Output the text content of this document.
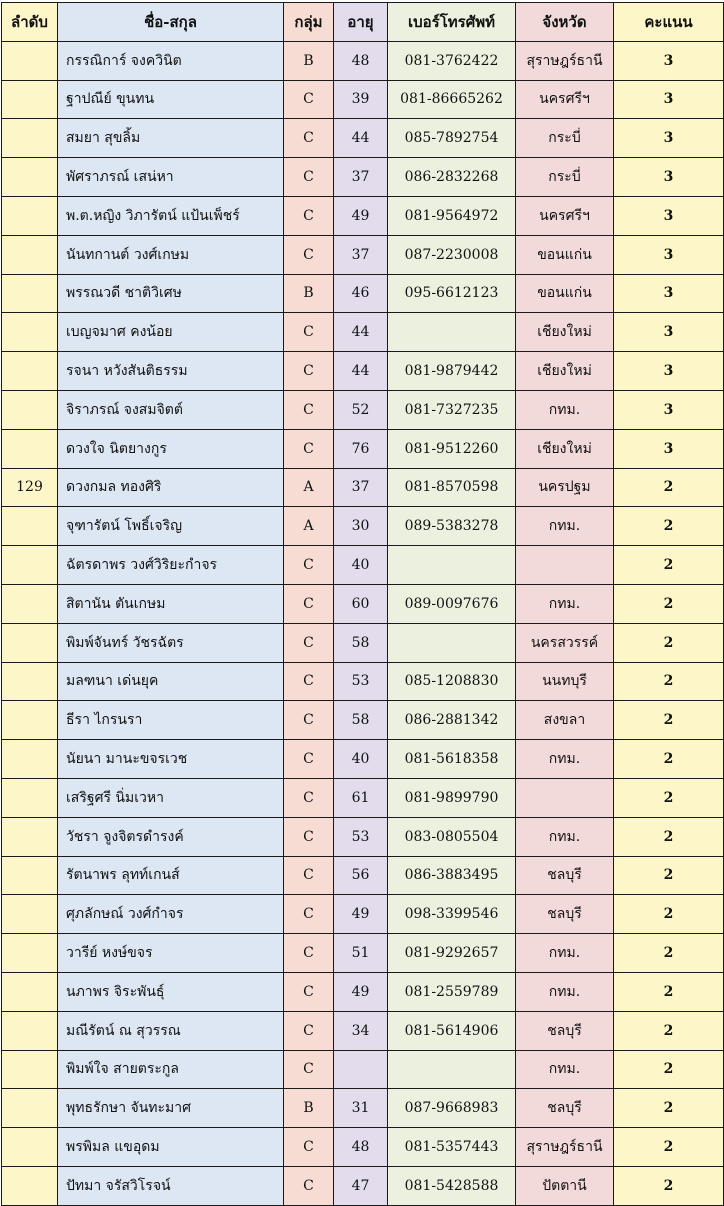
ลำดับ	ชื่อ-สกุล	กลุ่ม	อายุ	เบอร์โทรศัพท์	จังหวัด	คะแนน
	กรรณิการ์ จงควินิต	B	48	081-3762422	สุราษฎร์ธานี	3
	ฐาปณีย์ ขุนทน	C	39	081-86665262	นครศรีฯ	3
	สมยา สุขลิ้ม	C	44	085-7892754	กระบี่	3
	พัศราภรณ์ เสน่หา	C	37	086-2832268	กระบี่	3
	พ.ต.หญิง วิภารัตน์ แป้นเพ็ชร์	C	49	081-9564972	นครศรีฯ	3
	นันทกานต์ วงศ์เกษม	C	37	087-2230008	ขอนแก่น	3
	พรรณวดี ชาติวิเศษ	B	46	095-6612123	ขอนแก่น	3
	เบญจมาศ คงน้อย	C	44		เชียงใหม่	3
	รจนา หวังสันติธรรม	C	44	081-9879442	เชียงใหม่	3
	จิราภรณ์ จงสมจิตต์	C	52	081-7327235	กทม.	3
	ดวงใจ นิตยางกูร	C	76	081-9512260	เชียงใหม่	3
129	ดวงกมล ทองศิริ	A	37	081-8570598	นครปฐม	2
	จุฑารัตน์ โพธิ์เจริญ	A	30	089-5383278	กทม.	2
	ฉัตรดาพร วงศ์วิริยะกำจร	C	40			2
	สิตานัน ตันเกษม	C	60	089-0097676	กทม.	2
	พิมพ์จันทร์ วัชรฉัตร	C	58		นครสวรรค์	2
	มลฑนา เด่นยุค	C	53	085-1208830	นนทบุรี	2
	ธีรา ไกรนรา	C	58	086-2881342	สงขลา	2
	นัยนา มานะขจรเวช	C	40	081-5618358	กทม.	2
	เสริฐศรี นิ่มเวหา	C	61	081-9899790		2
	วัชรา จูงจิตรดำรงค์	C	53	083-0805504	กทม.	2
	รัตนาพร ลุทท์เกนส์	C	56	086-3883495	ชลบุรี	2
	ศุภลักษณ์ วงศ์กำจร	C	49	098-3399546	ชลบุรี	2
	วารีย์ หงษ์ขจร	C	51	081-9292657	กทม.	2
	นภาพร จิระพันธุ์	C	49	081-2559789	กทม.	2
	มณีรัตน์ ณ สุวรรณ	C	34	081-5614906	ชลบุรี	2
	พิมพ์ใจ สายตระกูล	C			กทม.	2
	พุทธรักษา จันทะมาศ	B	31	087-9668983	ชลบุรี	2
	พรพิมล แขอุดม	C	48	081-5357443	สุราษฎร์ธานี	2
	ปัทมา จรัสวิโรจน์	C	47	081-5428588	ปัตตานี	2
